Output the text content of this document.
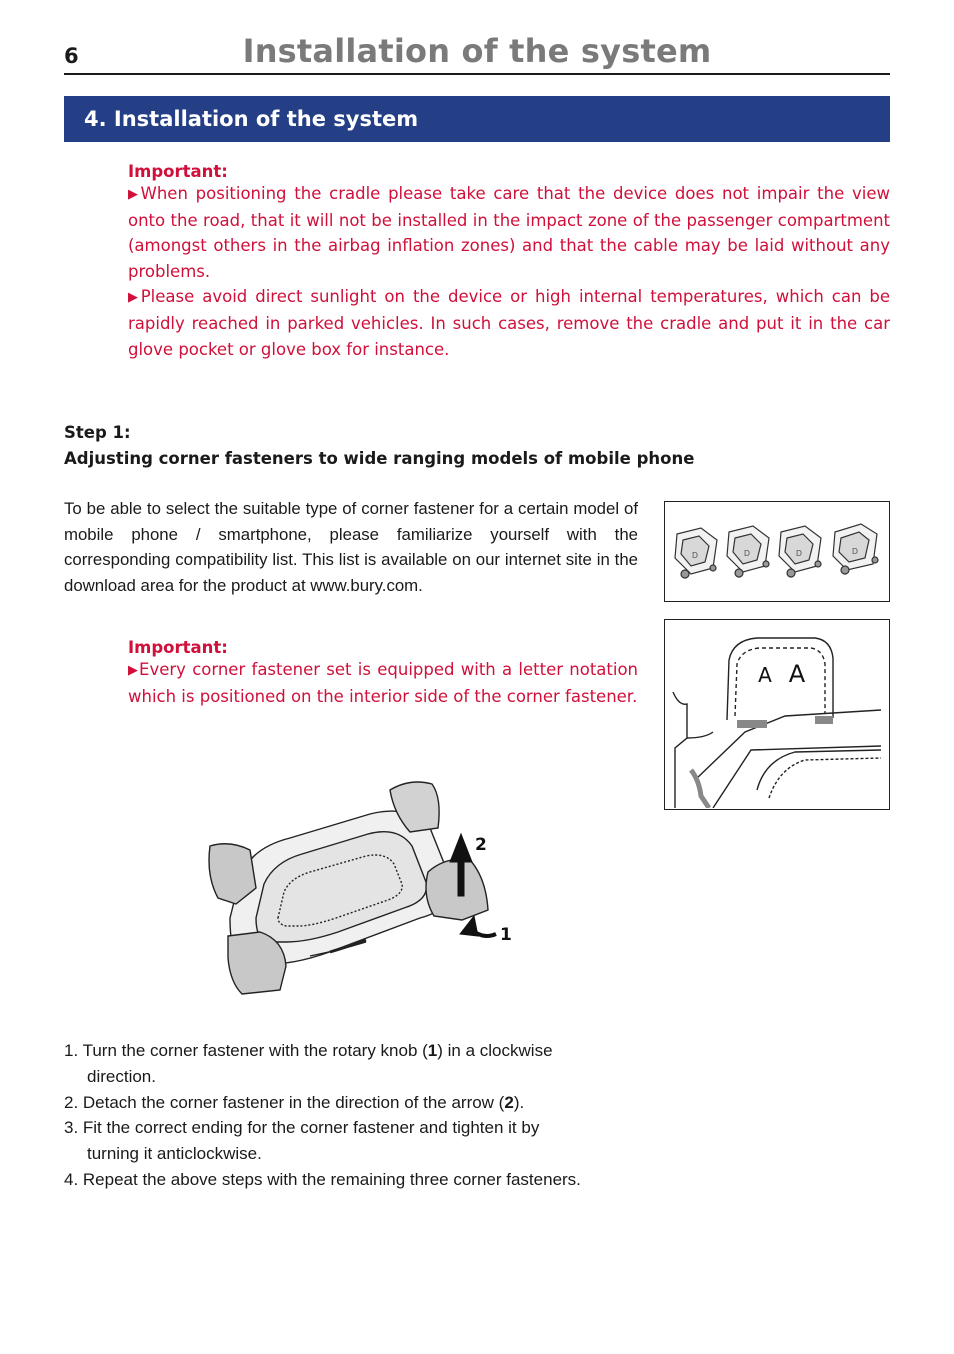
6	Installation of the system
4. Installation of the system
Important:
▶When positioning the cradle please take care that the device does not impair the view onto the road, that it will not be installed in the impact zone of the passenger compartment (amongst others in the airbag inflation zones) and that the cable may be laid without any problems.
▶Please avoid direct sunlight on the device or high internal temperatures, which can be rapidly reached in parked vehicles. In such cases, remove the cradle and put it in the car glove pocket or glove box for instance.
Step 1:
Adjusting corner fasteners to wide ranging models of mobile phone
To be able to select the suitable type of corner fastener for a certain model of mobile phone / smartphone, please familiarize yourself with the corresponding compatibility list. This list is available on our internet site in the download area for the product at www.bury.com.
Important:
▶Every corner fastener set is equipped with a letter notation which is positioned on the interior side of the corner fastener.
D	D	D	D
A A
2
1
1. Turn the corner fastener with the rotary knob (1) in a clockwise
direction.
2. Detach the corner fastener in the direction of the arrow (2).
3. Fit the correct ending for the corner fastener and tighten it by
turning it anticlockwise.
4. Repeat the above steps with the remaining three corner fasteners.
